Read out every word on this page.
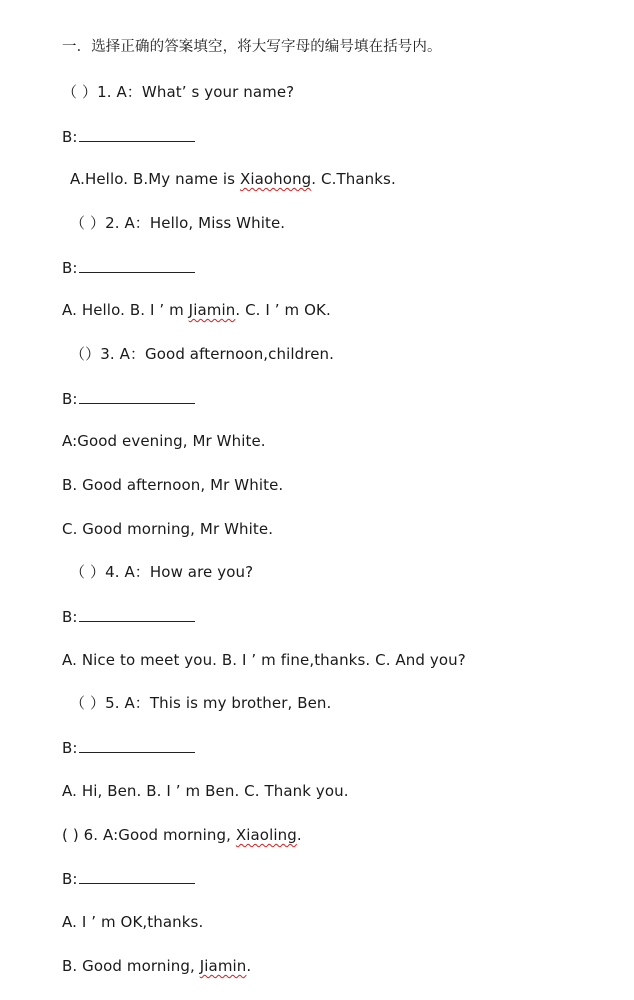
一．选择正确的答案填空，将大写字母的编号填在括号内。
（ ）1. A：What’ s your name?
B:
A.Hello. B.My name is Xiaohong. C.Thanks.
（ ）2. A：Hello, Miss White.
B:
A. Hello. B. I ’ m Jiamin. C. I ’ m OK.
（）3. A：Good afternoon,children.
B:
A:Good evening, Mr White.
B. Good afternoon, Mr White.
C. Good morning, Mr White.
（ ）4. A：How are you?
B:
A. Nice to meet you. B. I ’ m fine,thanks. C. And you?
（ ）5. A：This is my brother, Ben.
B:
A. Hi, Ben. B. I ’ m Ben. C. Thank you.
( ) 6. A:Good morning, Xiaoling.
B:
A. I ’ m OK,thanks.
B. Good morning, Jiamin.
